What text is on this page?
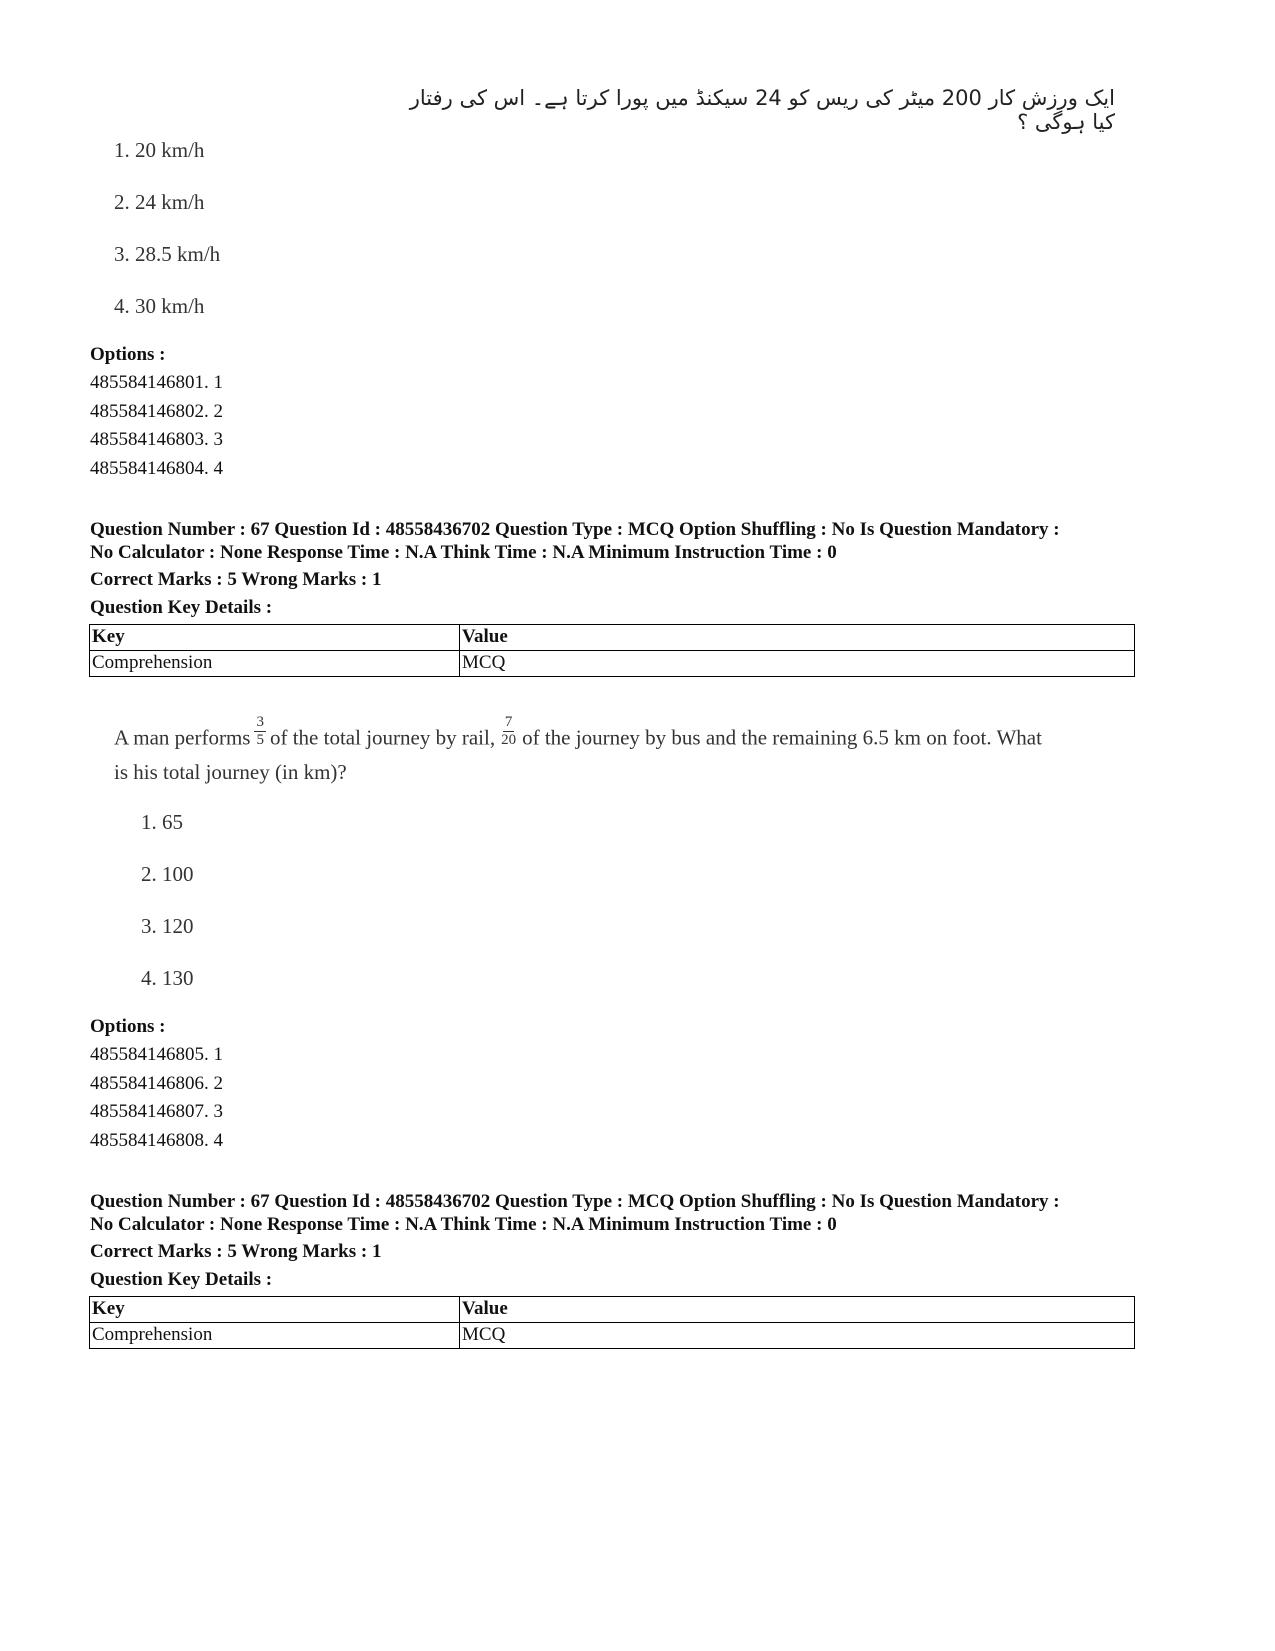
ایک ورزش کار 200 میٹر کی ریس کو 24 سیکنڈ میں پورا کرتا ہے۔ اس کی رفتار کیا ہوگی ؟
1. 20 km/h
2. 24 km/h
3. 28.5 km/h
4. 30 km/h
Options :
485584146801. 1
485584146802. 2
485584146803. 3
485584146804. 4
Question Number : 67 Question Id : 48558436702 Question Type : MCQ Option Shuffling : No Is Question Mandatory :
No Calculator : None Response Time : N.A Think Time : N.A Minimum Instruction Time : 0
Correct Marks : 5 Wrong Marks : 1
Question Key Details :
Key	Value
Comprehension	MCQ
A man performs $\frac{3}{5}$ of the total journey by rail, $\frac{7}{20}$ of the journey by bus and the remaining 6.5 km on foot. What
is his total journey (in km)?
1. 65
2. 100
3. 120
4. 130
Options :
485584146805. 1
485584146806. 2
485584146807. 3
485584146808. 4
Question Number : 67 Question Id : 48558436702 Question Type : MCQ Option Shuffling : No Is Question Mandatory :
No Calculator : None Response Time : N.A Think Time : N.A Minimum Instruction Time : 0
Correct Marks : 5 Wrong Marks : 1
Question Key Details :
Key	Value
Comprehension	MCQ
